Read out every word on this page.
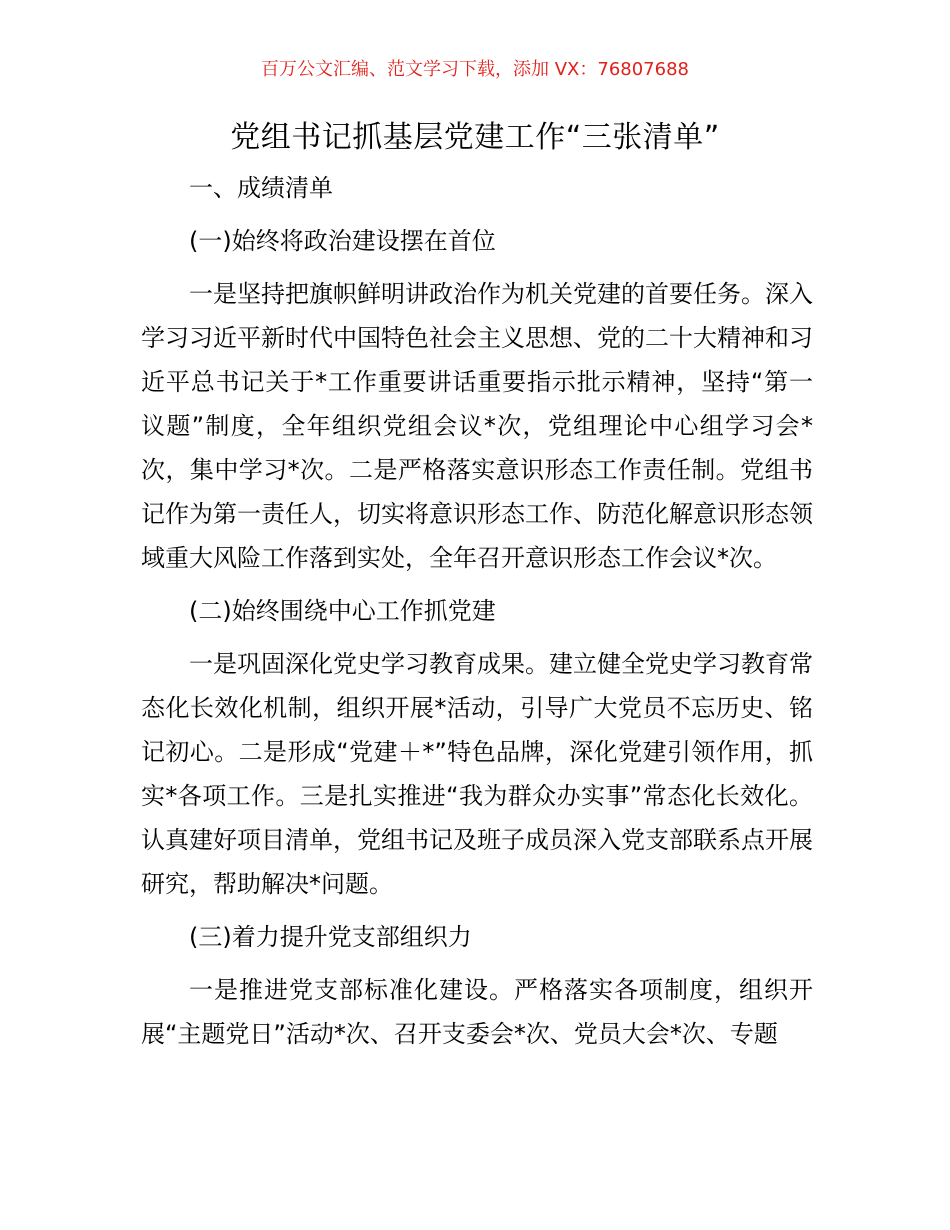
百万公文汇编、范文学习下载，添加 VX：76807688
党组书记抓基层党建工作“三张清单”

一、成绩清单

(一)始终将政治建设摆在首位

一是坚持把旗帜鲜明讲政治作为机关党建的首要任务。深入学习习近平新时代中国特色社会主义思想、党的二十大精神和习近平总书记关于*工作重要讲话重要指示批示精神，坚持“第一议题”制度，全年组织党组会议*次，党组理论中心组学习会*次，集中学习*次。二是严格落实意识形态工作责任制。党组书记作为第一责任人，切实将意识形态工作、防范化解意识形态领域重大风险工作落到实处，全年召开意识形态工作会议*次。

(二)始终围绕中心工作抓党建

一是巩固深化党史学习教育成果。建立健全党史学习教育常态化长效化机制，组织开展*活动，引导广大党员不忘历史、铭记初心。二是形成“党建＋*”特色品牌，深化党建引领作用，抓实*各项工作。三是扎实推进“我为群众办实事”常态化长效化。认真建好项目清单，党组书记及班子成员深入党支部联系点开展研究，帮助解决*问题。

(三)着力提升党支部组织力

一是推进党支部标准化建设。严格落实各项制度，组织开展“主题党日”活动*次、召开支委会*次、党员大会*次、专题
